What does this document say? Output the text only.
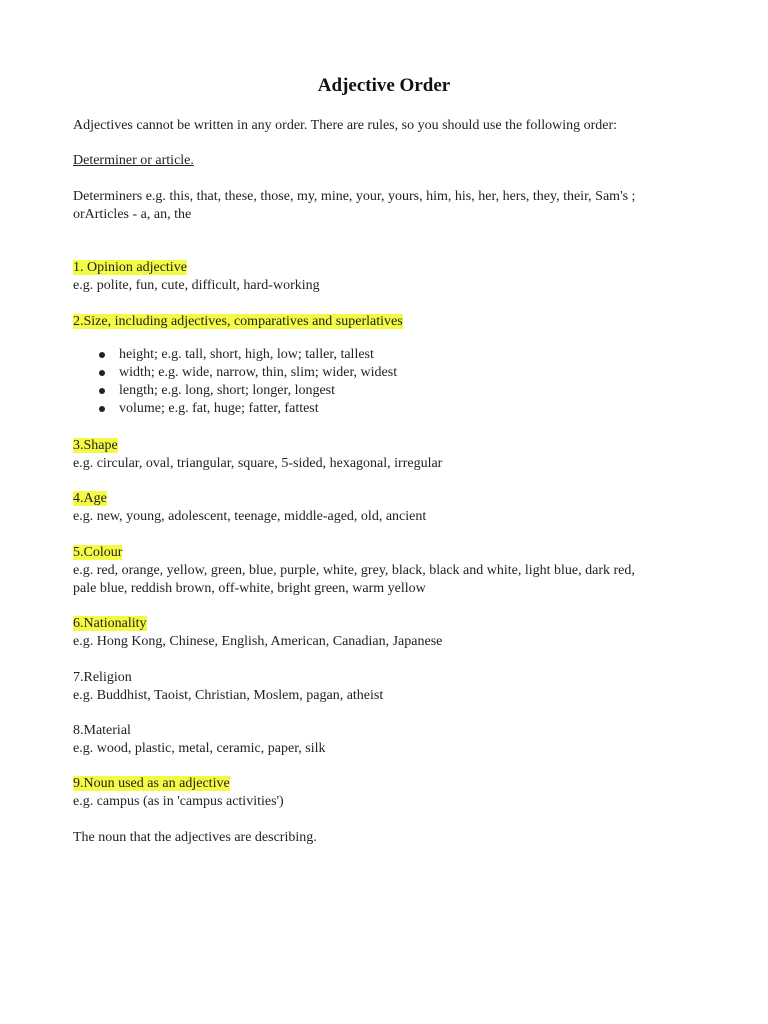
Adjective Order
Adjectives cannot be written in any order. There are rules, so you should use the following order:
Determiner or article.
Determiners e.g. this, that, these, those, my, mine, your, yours, him, his, her, hers, they, their, Sam's ;
orArticles - a, an, the
1. Opinion adjective
e.g. polite, fun, cute, difficult, hard-working
2.Size, including adjectives, comparatives and superlatives
height; e.g. tall, short, high, low; taller, tallest
width; e.g. wide, narrow, thin, slim; wider, widest
length; e.g. long, short; longer, longest
volume; e.g. fat, huge; fatter, fattest
3.Shape
e.g. circular, oval, triangular, square, 5-sided, hexagonal, irregular
4.Age
e.g. new, young, adolescent, teenage, middle-aged, old, ancient
5.Colour
e.g. red, orange, yellow, green, blue, purple, white, grey, black, black and white, light blue, dark red,
pale blue, reddish brown, off-white, bright green, warm yellow
6.Nationality
e.g. Hong Kong, Chinese, English, American, Canadian, Japanese
7.Religion
e.g. Buddhist, Taoist, Christian, Moslem, pagan, atheist
8.Material
e.g. wood, plastic, metal, ceramic, paper, silk
9.Noun used as an adjective
e.g. campus (as in 'campus activities')
The noun that the adjectives are describing.
